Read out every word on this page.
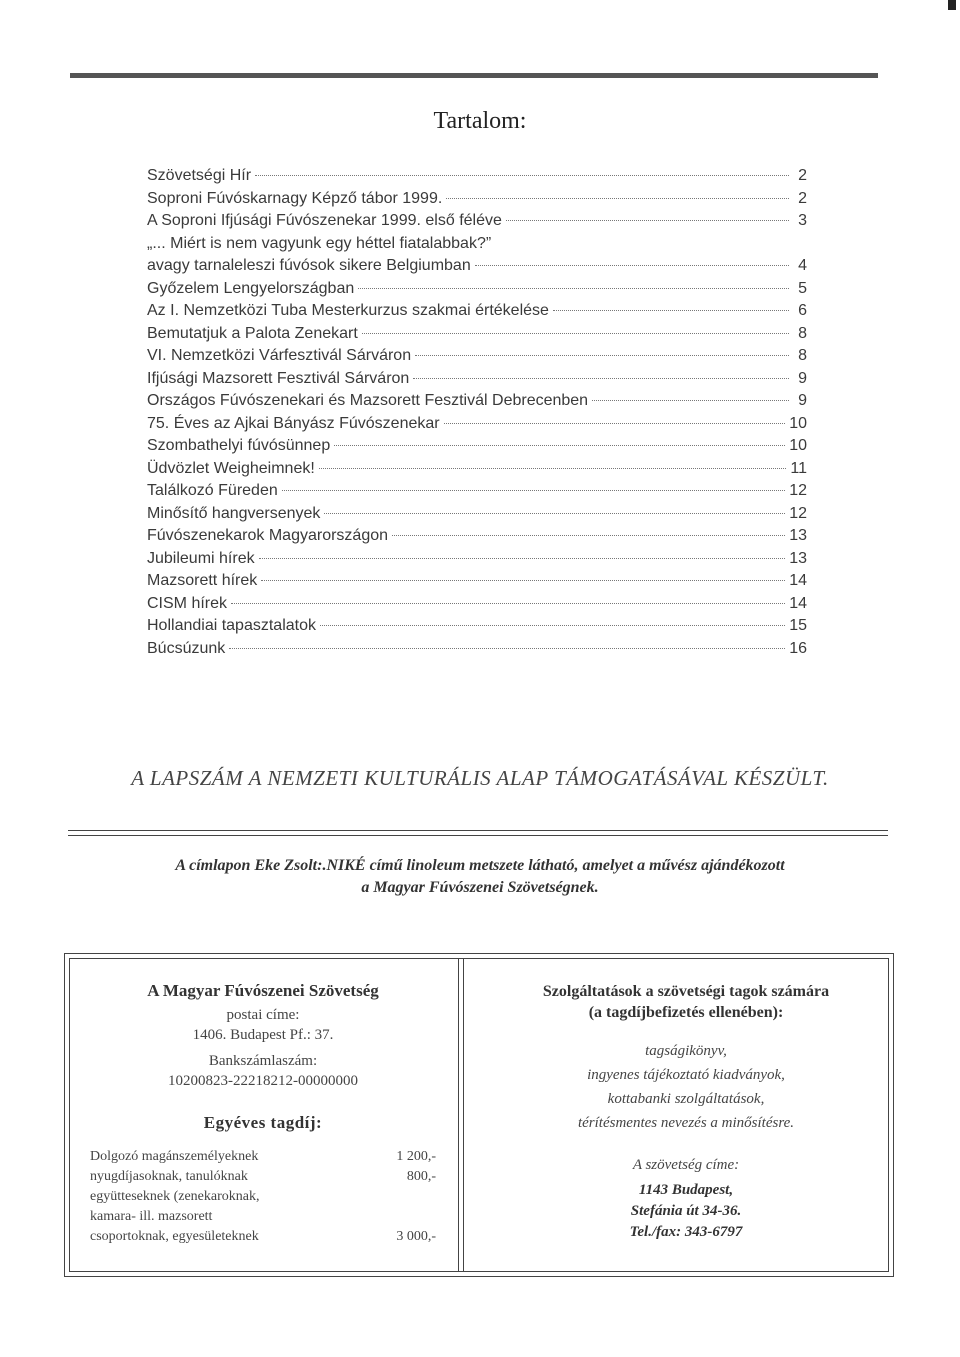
Tartalom:
Szövetségi Hír	2
Soproni Fúvóskarnagy Képző tábor 1999.	2
A Soproni Ifjúsági Fúvószenekar 1999. első féléve	3
„... Miért is nem vagyunk egy héttel fiatalabbak?”
avagy tarnaleleszi fúvósok sikere Belgiumban	4
Győzelem Lengyelországban	5
Az I. Nemzetközi Tuba Mesterkurzus szakmai értékelése	6
Bemutatjuk a Palota Zenekart	8
VI. Nemzetközi Várfesztivál Sárváron	8
Ifjúsági Mazsorett Fesztivál Sárváron	9
Országos Fúvószenekari és Mazsorett Fesztivál Debrecenben	9
75. Éves az Ajkai Bányász Fúvószenekar	10
Szombathelyi fúvósünnep	10
Üdvözlet Weigheimnek!	11
Találkozó Füreden	12
Minősítő hangversenyek	12
Fúvószenekarok Magyarországon	13
Jubileumi hírek	13
Mazsorett hírek	14
CISM hírek	14
Hollandiai tapasztalatok	15
Búcsúzunk	16
A LAPSZÁM A NEMZETI KULTURÁLIS ALAP TÁMOGATÁSÁVAL KÉSZÜLT.
A címlapon Eke Zsolt:.NIKÉ című linoleum metszete látható, amelyet a művész ajándékozott
a Magyar Fúvószenei Szövetségnek.
A Magyar Fúvószenei Szövetség
postai címe:
1406. Budapest Pf.: 37.
Bankszámlaszám:
10200823-22218212-00000000
Egyéves tagdíj:
Dolgozó magánszemélyeknek	1 200,-
nyugdíjasoknak, tanulóknak	800,-
együtteseknek (zenekaroknak,	
kamara- ill. mazsorett	
csoportoknak, egyesületeknek	3 000,-
Szolgáltatások a szövetségi tagok számára
(a tagdíjbefizetés ellenében):
tagságikönyv,
ingyenes tájékoztató kiadványok,
kottabanki szolgáltatások,
térítésmentes nevezés a minősítésre.
A szövetség címe:
1143 Budapest,
Stefánia út 34-36.
Tel./fax: 343-6797
